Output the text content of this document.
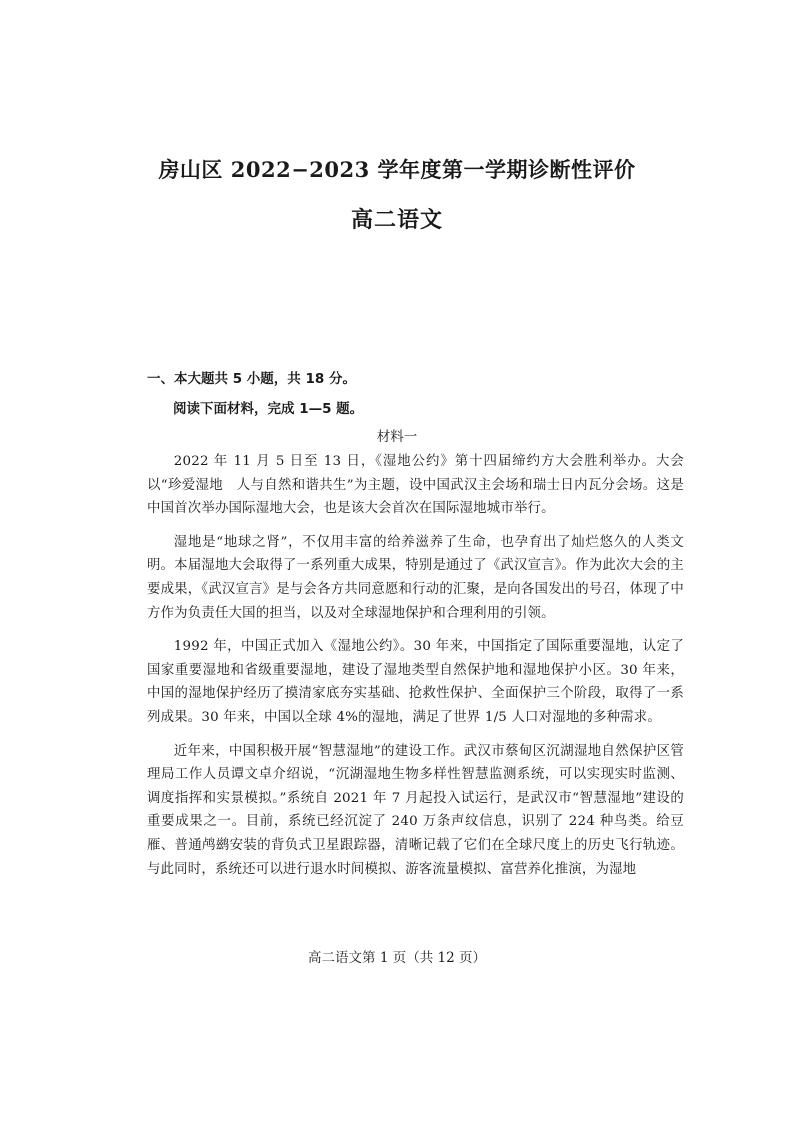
房山区 2022−2023 学年度第一学期诊断性评价
高二语文

一、本大题共 5 小题，共 18 分。

阅读下面材料，完成 1—5 题。

材料一

2022 年 11 月 5 日至 13 日，《湿地公约》第十四届缔约方大会胜利举办。大会以“珍爱湿地　人与自然和谐共生”为主题，设中国武汉主会场和瑞士日内瓦分会场。这是中国首次举办国际湿地大会，也是该大会首次在国际湿地城市举行。

湿地是“地球之肾”，不仅用丰富的给养滋养了生命，也孕育出了灿烂悠久的人类文明。本届湿地大会取得了一系列重大成果，特别是通过了《武汉宣言》。作为此次大会的主要成果，《武汉宣言》是与会各方共同意愿和行动的汇聚，是向各国发出的号召，体现了中方作为负责任大国的担当，以及对全球湿地保护和合理利用的引领。

1992 年，中国正式加入《湿地公约》。30 年来，中国指定了国际重要湿地，认定了国家重要湿地和省级重要湿地，建设了湿地类型自然保护地和湿地保护小区。30 年来，中国的湿地保护经历了摸清家底夯实基础、抢救性保护、全面保护三个阶段，取得了一系列成果。30 年来，中国以全球 4%的湿地，满足了世界 1/5 人口对湿地的多种需求。

近年来，中国积极开展“智慧湿地”的建设工作。武汉市蔡甸区沉湖湿地自然保护区管理局工作人员谭文卓介绍说，“沉湖湿地生物多样性智慧监测系统，可以实现实时监测、调度指挥和实景模拟。”系统自 2021 年 7 月起投入试运行，是武汉市“智慧湿地”建设的重要成果之一。目前，系统已经沉淀了 240 万条声纹信息，识别了 224 种鸟类。给豆雁、普通鸬鹚安装的背负式卫星跟踪器，清晰记载了它们在全球尺度上的历史飞行轨迹。与此同时，系统还可以进行退水时间模拟、游客流量模拟、富营养化推演，为湿地

高二语文第 1 页（共 12 页）
